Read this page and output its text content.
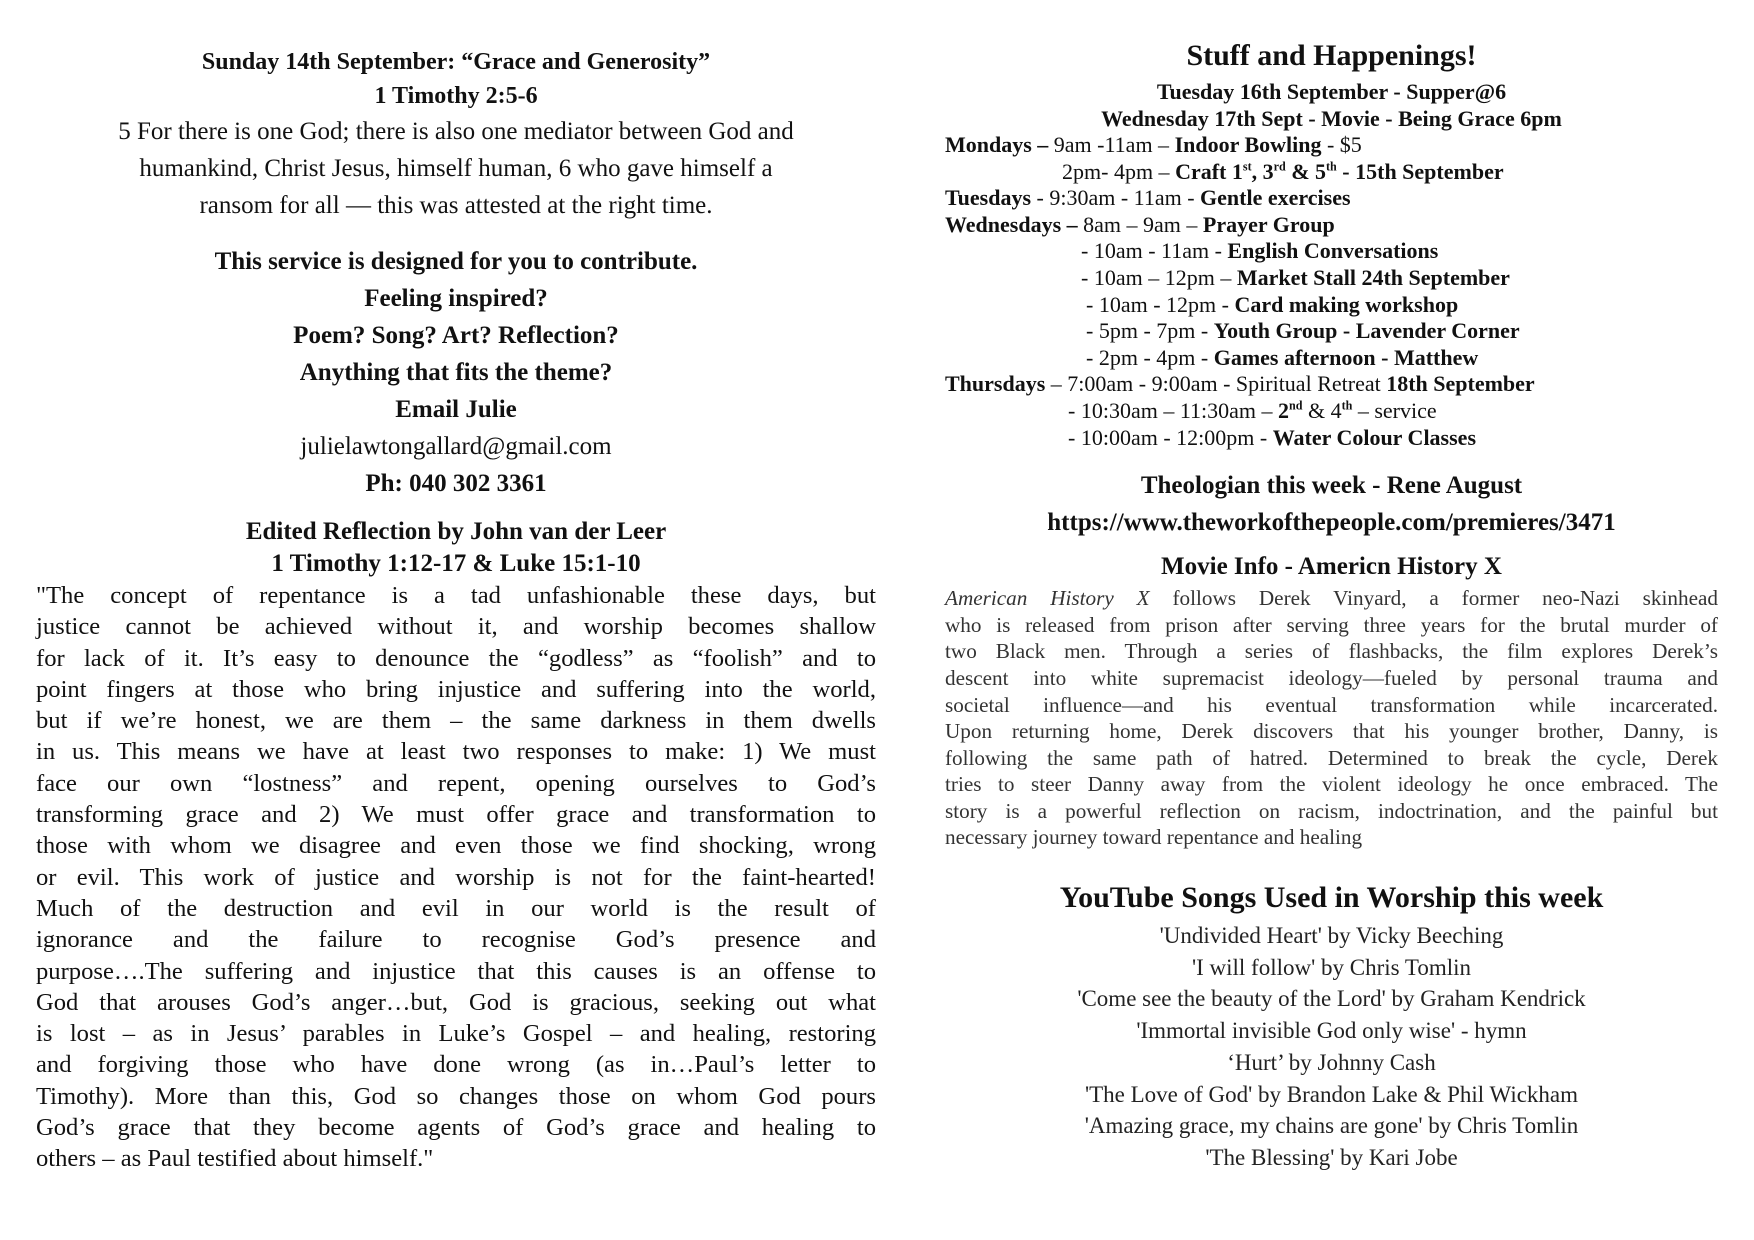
Sunday 14th September: “Grace and Generosity”
1 Timothy 2:5-6
5 For there is one God; there is also one mediator between God and
humankind, Christ Jesus, himself human, 6 who gave himself a
ransom for all — this was attested at the right time.
This service is designed for you to contribute.
Feeling inspired?
Poem? Song? Art? Reflection?
Anything that fits the theme?
Email Julie
julielawtongallard@gmail.com
Ph: 040 302 3361
Edited Reflection by John van der Leer
1 Timothy 1:12-17 & Luke 15:1-10
"The concept of repentance is a tad unfashionable these days, but
justice cannot be achieved without it, and worship becomes shallow
for lack of it. It’s easy to denounce the “godless” as “foolish” and to
point fingers at those who bring injustice and suffering into the world,
but if we’re honest, we are them – the same darkness in them dwells
in us. This means we have at least two responses to make: 1) We must
face our own “lostness” and repent, opening ourselves to God’s
transforming grace and 2) We must offer grace and transformation to
those with whom we disagree and even those we find shocking, wrong
or evil. This work of justice and worship is not for the faint-hearted!
Much of the destruction and evil in our world is the result of
ignorance and the failure to recognise God’s presence and
purpose….The suffering and injustice that this causes is an offense to
God that arouses God’s anger…but, God is gracious, seeking out what
is lost – as in Jesus’ parables in Luke’s Gospel – and healing, restoring
and forgiving those who have done wrong (as in…Paul’s letter to
Timothy). More than this, God so changes those on whom God pours
God’s grace that they become agents of God’s grace and healing to
others – as Paul testified about himself."
Stuff and Happenings!
Tuesday 16th September - Supper@6
Wednesday 17th Sept - Movie - Being Grace 6pm
Mondays – 9am -11am – Indoor Bowling - $5
2pm- 4pm – Craft 1st, 3rd & 5th - 15th September
Tuesdays - 9:30am - 11am - Gentle exercises
Wednesdays – 8am – 9am – Prayer Group
- 10am - 11am - English Conversations
- 10am – 12pm – Market Stall 24th September
- 10am - 12pm - Card making workshop
- 5pm - 7pm - Youth Group - Lavender Corner
- 2pm - 4pm - Games afternoon - Matthew
Thursdays – 7:00am - 9:00am - Spiritual Retreat 18th September
- 10:30am – 11:30am – 2nd & 4th – service
- 10:00am - 12:00pm - Water Colour Classes
Theologian this week - Rene August
https://www.theworkofthepeople.com/premieres/3471
Movie Info - Americn History X
American History X follows Derek Vinyard, a former neo-Nazi skinhead
who is released from prison after serving three years for the brutal murder of
two Black men. Through a series of flashbacks, the film explores Derek’s
descent into white supremacist ideology—fueled by personal trauma and
societal influence—and his eventual transformation while incarcerated.
Upon returning home, Derek discovers that his younger brother, Danny, is
following the same path of hatred. Determined to break the cycle, Derek
tries to steer Danny away from the violent ideology he once embraced. The
story is a powerful reflection on racism, indoctrination, and the painful but
necessary journey toward repentance and healing
YouTube Songs Used in Worship this week
'Undivided Heart' by Vicky Beeching
'I will follow' by Chris Tomlin
'Come see the beauty of the Lord' by Graham Kendrick
'Immortal invisible God only wise' - hymn
‘Hurt’ by Johnny Cash
'The Love of God' by Brandon Lake & Phil Wickham
'Amazing grace, my chains are gone' by Chris Tomlin
'The Blessing' by Kari Jobe
